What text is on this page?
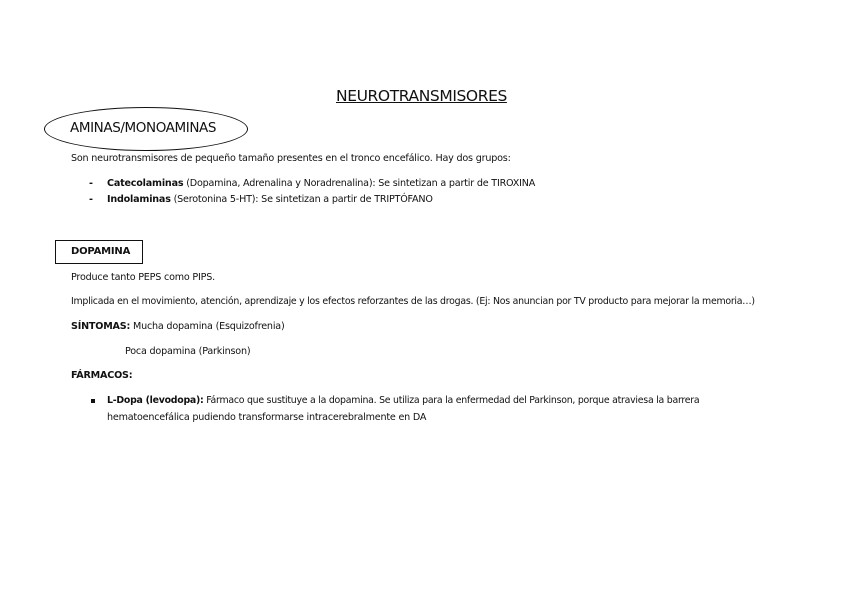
NEUROTRANSMISORES
AMINAS/MONOAMINAS
Son neurotransmisores de pequeño tamaño presentes en el tronco encefálico. Hay dos grupos:
- Catecolaminas (Dopamina, Adrenalina y Noradrenalina): Se sintetizan a partir de TIROXINA
- Indolaminas (Serotonina 5-HT): Se sintetizan a partir de TRIPTÓFANO
DOPAMINA
Produce tanto PEPS como PIPS.
Implicada en el movimiento, atención, aprendizaje y los efectos reforzantes de las drogas. (Ej: Nos anuncian por TV producto para mejorar la memoria…)
SÍNTOMAS: Mucha dopamina (Esquizofrenia)
Poca dopamina (Parkinson)
FÁRMACOS:
L-Dopa (levodopa): Fármaco que sustituye a la dopamina. Se utiliza para la enfermedad del Parkinson, porque atraviesa la barrera
hematoencefálica pudiendo transformarse intracerebralmente en DA
